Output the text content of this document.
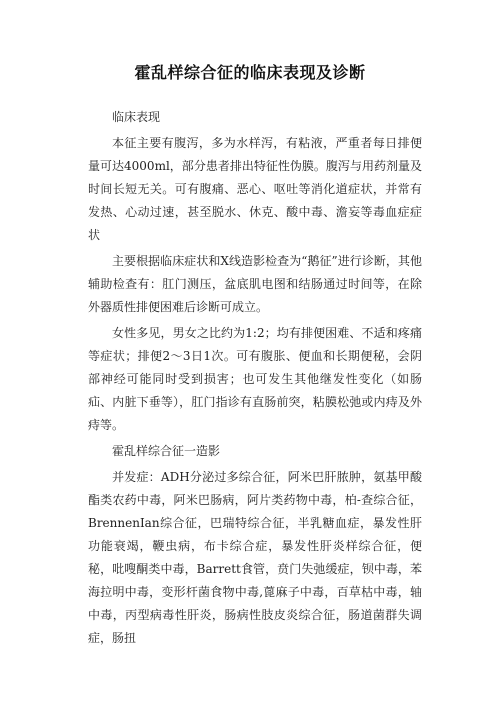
霍乱样综合征的临床表现及诊断
临床表现
本征主要有腹泻，多为水样泻，有粘液，严重者每日排便量可达4000ml，部分患者排出特征性伪膜。腹泻与用药剂量及时间长短无关。可有腹痛、恶心、呕吐等消化道症状，并常有发热、心动过速，甚至脱水、休克、酸中毒、澹妄等毒血症症状
主要根据临床症状和X线造影检查为“鹅征”进行诊断，其他辅助检查有：肛门测压，盆底肌电图和结肠通过时间等，在除外器质性排便困难后诊断可成立。
女性多见，男女之比约为1:2；均有排便困难、不适和疼痛等症状；排便2～3日1次。可有腹胀、便血和长期便秘，会阴部神经可能同时受到损害；也可发生其他继发性变化（如肠疝、内脏下垂等），肛门指诊有直肠前突，粘膜松弛或内痔及外痔等。
霍乱样综合征一造影
并发症：ADH分泌过多综合征，阿米巴肝脓肿，氨基甲酸酯类农药中毒，阿米巴肠病，阿片类药物中毒，柏-查综合征，BrennenIan综合征，巴瑞特综合征，半乳糖血症，暴发性肝功能衰竭，鞭虫病，布卡综合症，暴发性肝炎样综合征，便秘，吡嗖酮类中毒，Barrett食管，贲门失弛缓症，钡中毒，苯海拉明中毒，变形杆菌食物中毒,蓖麻子中毒，百草枯中毒，轴中毒，丙型病毒性肝炎，肠病性肢皮炎综合征，肠道菌群失调症，肠扭
